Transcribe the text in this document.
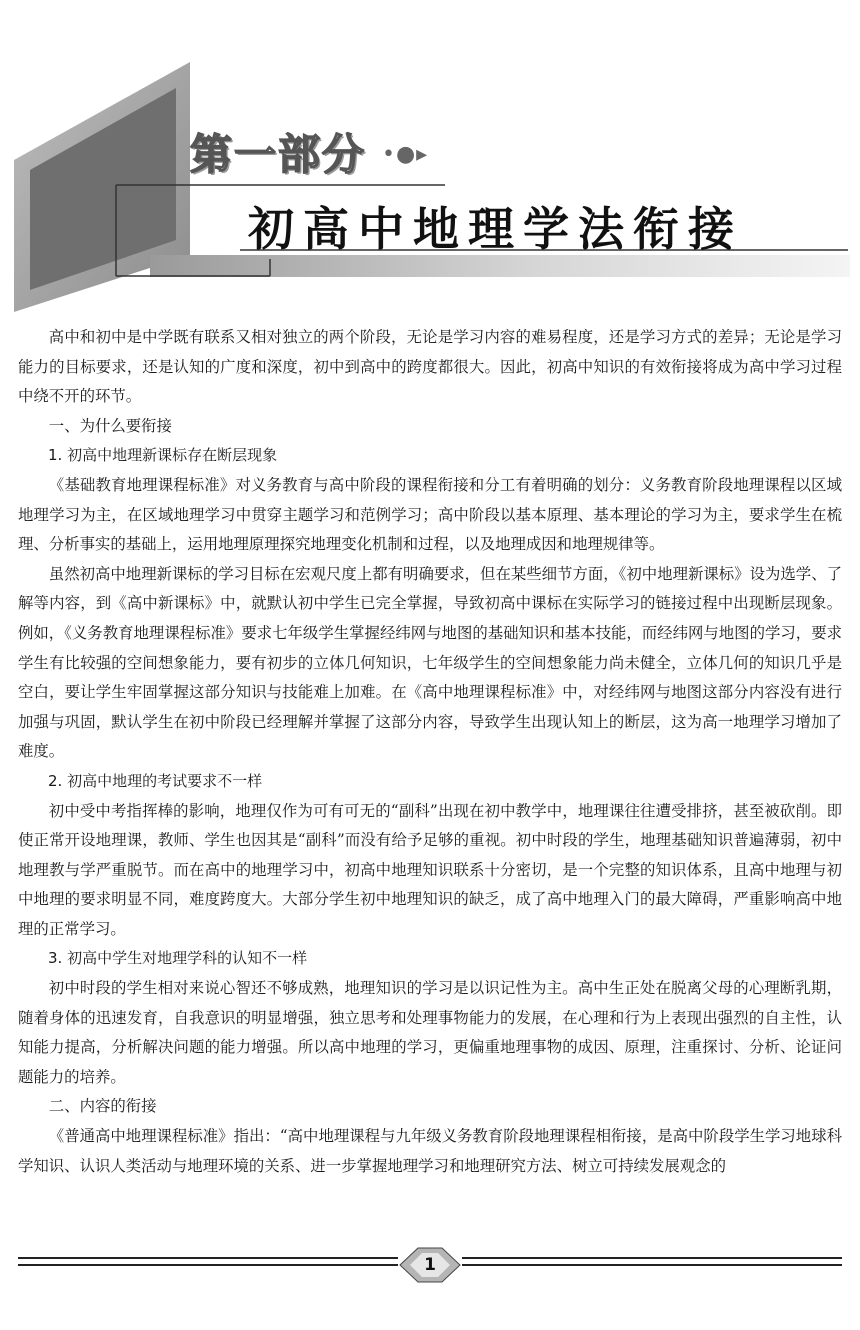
第一部分 •●▸
初高中地理学法衔接

高中和初中是中学既有联系又相对独立的两个阶段，无论是学习内容的难易程度，还是学习方式的差异；无论是学习能力的目标要求，还是认知的广度和深度，初中到高中的跨度都很大。因此，初高中知识的有效衔接将成为高中学习过程中绕不开的环节。

一、为什么要衔接
1. 初高中地理新课标存在断层现象

《基础教育地理课程标准》对义务教育与高中阶段的课程衔接和分工有着明确的划分：义务教育阶段地理课程以区域地理学习为主，在区域地理学习中贯穿主题学习和范例学习；高中阶段以基本原理、基本理论的学习为主，要求学生在梳理、分析事实的基础上，运用地理原理探究地理变化机制和过程，以及地理成因和地理规律等。

虽然初高中地理新课标的学习目标在宏观尺度上都有明确要求，但在某些细节方面，《初中地理新课标》设为选学、了解等内容，到《高中新课标》中，就默认初中学生已完全掌握，导致初高中课标在实际学习的链接过程中出现断层现象。例如，《义务教育地理课程标准》要求七年级学生掌握经纬网与地图的基础知识和基本技能，而经纬网与地图的学习，要求学生有比较强的空间想象能力，要有初步的立体几何知识，七年级学生的空间想象能力尚未健全，立体几何的知识几乎是空白，要让学生牢固掌握这部分知识与技能难上加难。在《高中地理课程标准》中，对经纬网与地图这部分内容没有进行加强与巩固，默认学生在初中阶段已经理解并掌握了这部分内容，导致学生出现认知上的断层，这为高一地理学习增加了难度。

2. 初高中地理的考试要求不一样

初中受中考指挥棒的影响，地理仅作为可有可无的“副科”出现在初中教学中，地理课往往遭受排挤，甚至被砍削。即使正常开设地理课，教师、学生也因其是“副科”而没有给予足够的重视。初中时段的学生，地理基础知识普遍薄弱，初中地理教与学严重脱节。而在高中的地理学习中，初高中地理知识联系十分密切，是一个完整的知识体系，且高中地理与初中地理的要求明显不同，难度跨度大。大部分学生初中地理知识的缺乏，成了高中地理入门的最大障碍，严重影响高中地理的正常学习。

3. 初高中学生对地理学科的认知不一样

初中时段的学生相对来说心智还不够成熟，地理知识的学习是以识记性为主。高中生正处在脱离父母的心理断乳期，随着身体的迅速发育，自我意识的明显增强，独立思考和处理事物能力的发展，在心理和行为上表现出强烈的自主性，认知能力提高，分析解决问题的能力增强。所以高中地理的学习，更偏重地理事物的成因、原理，注重探讨、分析、论证问题能力的培养。

二、内容的衔接

《普通高中地理课程标准》指出：“高中地理课程与九年级义务教育阶段地理课程相衔接，是高中阶段学生学习地球科学知识、认识人类活动与地理环境的关系、进一步掌握地理学习和地理研究方法、树立可持续发展观念的

1
